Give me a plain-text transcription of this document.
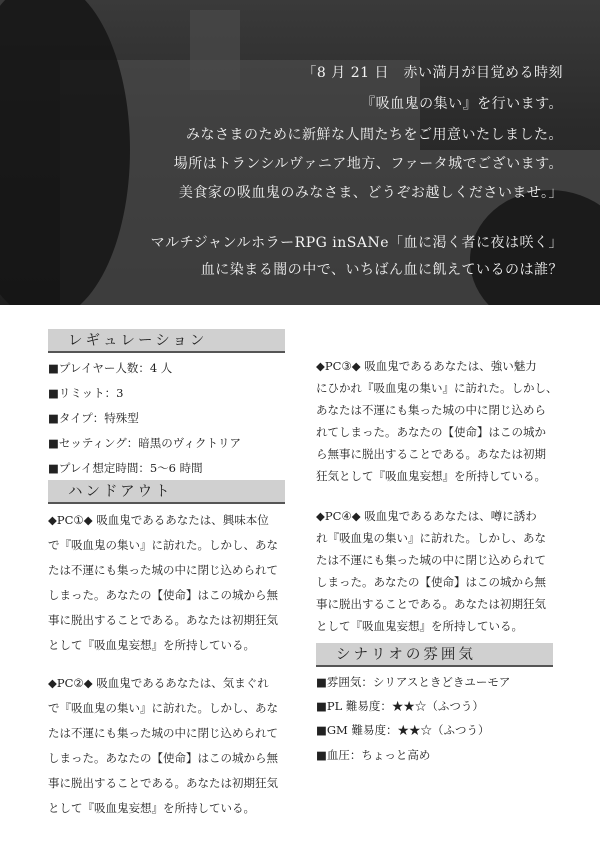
「8 月 21 日　赤い満月が目覚める時刻
『吸血鬼の集い』を行います。
みなさまのために新鮮な人間たちをご用意いたしました。
場所はトランシルヴァニア地方、ファータ城でございます。
美食家の吸血鬼のみなさま、どうぞお越しくださいませ。」
マルチジャンルホラーRPG inSANe「血に渇く者に夜は咲く」
血に染まる闇の中で、いちばん血に飢えているのは誰？
レギュレーション
■プレイヤー人数：4 人
■リミット：3
■タイプ：特殊型
■セッティング：暗黒のヴィクトリア
■プレイ想定時間：5〜6 時間
ハンドアウト
◆PC①◆ 吸血鬼であるあなたは、興味本位
で『吸血鬼の集い』に訪れた。しかし、あな
たは不運にも集った城の中に閉じ込められて
しまった。あなたの【使命】はこの城から無
事に脱出することである。あなたは初期狂気
として『吸血鬼妄想』を所持している。
◆PC②◆ 吸血鬼であるあなたは、気まぐれ
で『吸血鬼の集い』に訪れた。しかし、あな
たは不運にも集った城の中に閉じ込められて
しまった。あなたの【使命】はこの城から無
事に脱出することである。あなたは初期狂気
として『吸血鬼妄想』を所持している。
◆PC③◆ 吸血鬼であるあなたは、強い魅力
にひかれ『吸血鬼の集い』に訪れた。しかし、
あなたは不運にも集った城の中に閉じ込めら
れてしまった。あなたの【使命】はこの城か
ら無事に脱出することである。あなたは初期
狂気として『吸血鬼妄想』を所持している。
◆PC④◆ 吸血鬼であるあなたは、噂に誘わ
れ『吸血鬼の集い』に訪れた。しかし、あな
たは不運にも集った城の中に閉じ込められて
しまった。あなたの【使命】はこの城から無
事に脱出することである。あなたは初期狂気
として『吸血鬼妄想』を所持している。
シナリオの雰囲気
■雰囲気：シリアスときどきユーモア
■PL 難易度：★★☆（ふつう）
■GM 難易度：★★☆（ふつう）
■血圧：ちょっと高め
